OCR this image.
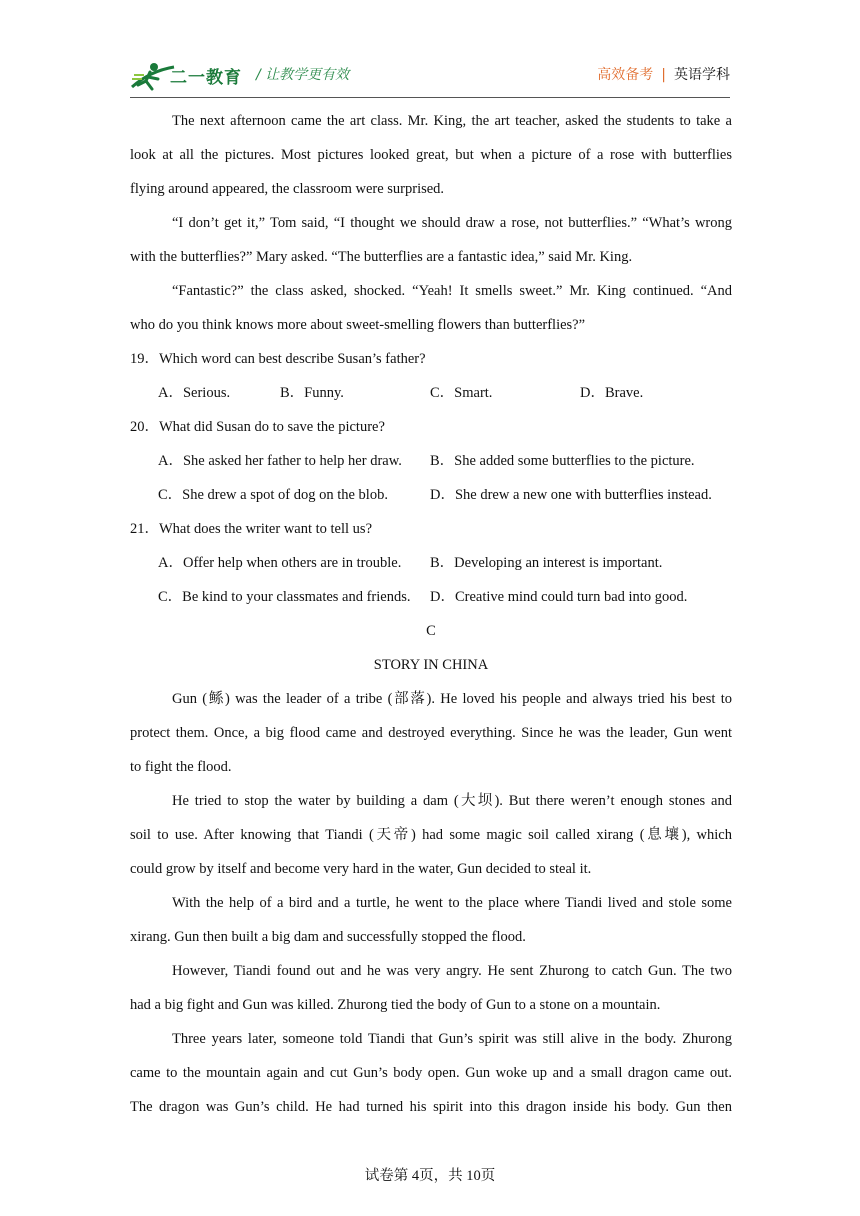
二一教育 / 让教学更有效	高效备考 | 英语学科
The next afternoon came the art class. Mr. King, the art teacher, asked the students to take a
look at all the pictures. Most pictures looked great, but when a picture of a rose with butterflies
flying around appeared, the classroom were surprised.
“I don’t get it,” Tom said, “I thought we should draw a rose, not butterflies.” “What’s wrong
with the butterflies?” Mary asked. “The butterflies are a fantastic idea,” said Mr. King.
“Fantastic?” the class asked, shocked. “Yeah! It smells sweet.” Mr. King continued. “And
who do you think knows more about sweet-smelling flowers than butterflies?”
19．Which word can best describe Susan’s father?
A．Serious.	B．Funny.	C．Smart.	D．Brave.
20．What did Susan do to save the picture?
A．She asked her father to help her draw. B．She added some butterflies to the picture.
C．She drew a spot of dog on the blob.	D．She drew a new one with butterflies instead.
21．What does the writer want to tell us?
A．Offer help when others are in trouble. B．Developing an interest is important.
C．Be kind to your classmates and friends. D．Creative mind could turn bad into good.
C
STORY IN CHINA
Gun (鲧) was the leader of a tribe (部落). He loved his people and always tried his best to
protect them. Once, a big flood came and destroyed everything. Since he was the leader, Gun went
to fight the flood.
He tried to stop the water by building a dam (大坝). But there weren’t enough stones and
soil to use. After knowing that Tiandi (天帝) had some magic soil called xirang (息壤), which
could grow by itself and become very hard in the water, Gun decided to steal it.
With the help of a bird and a turtle, he went to the place where Tiandi lived and stole some
xirang. Gun then built a big dam and successfully stopped the flood.
However, Tiandi found out and he was very angry. He sent Zhurong to catch Gun. The two
had a big fight and Gun was killed. Zhurong tied the body of Gun to a stone on a mountain.
Three years later, someone told Tiandi that Gun’s spirit was still alive in the body. Zhurong
came to the mountain again and cut Gun’s body open. Gun woke up and a small dragon came out.
The dragon was Gun’s child. He had turned his spirit into this dragon inside his body. Gun then
试卷第 4页，共 10页
